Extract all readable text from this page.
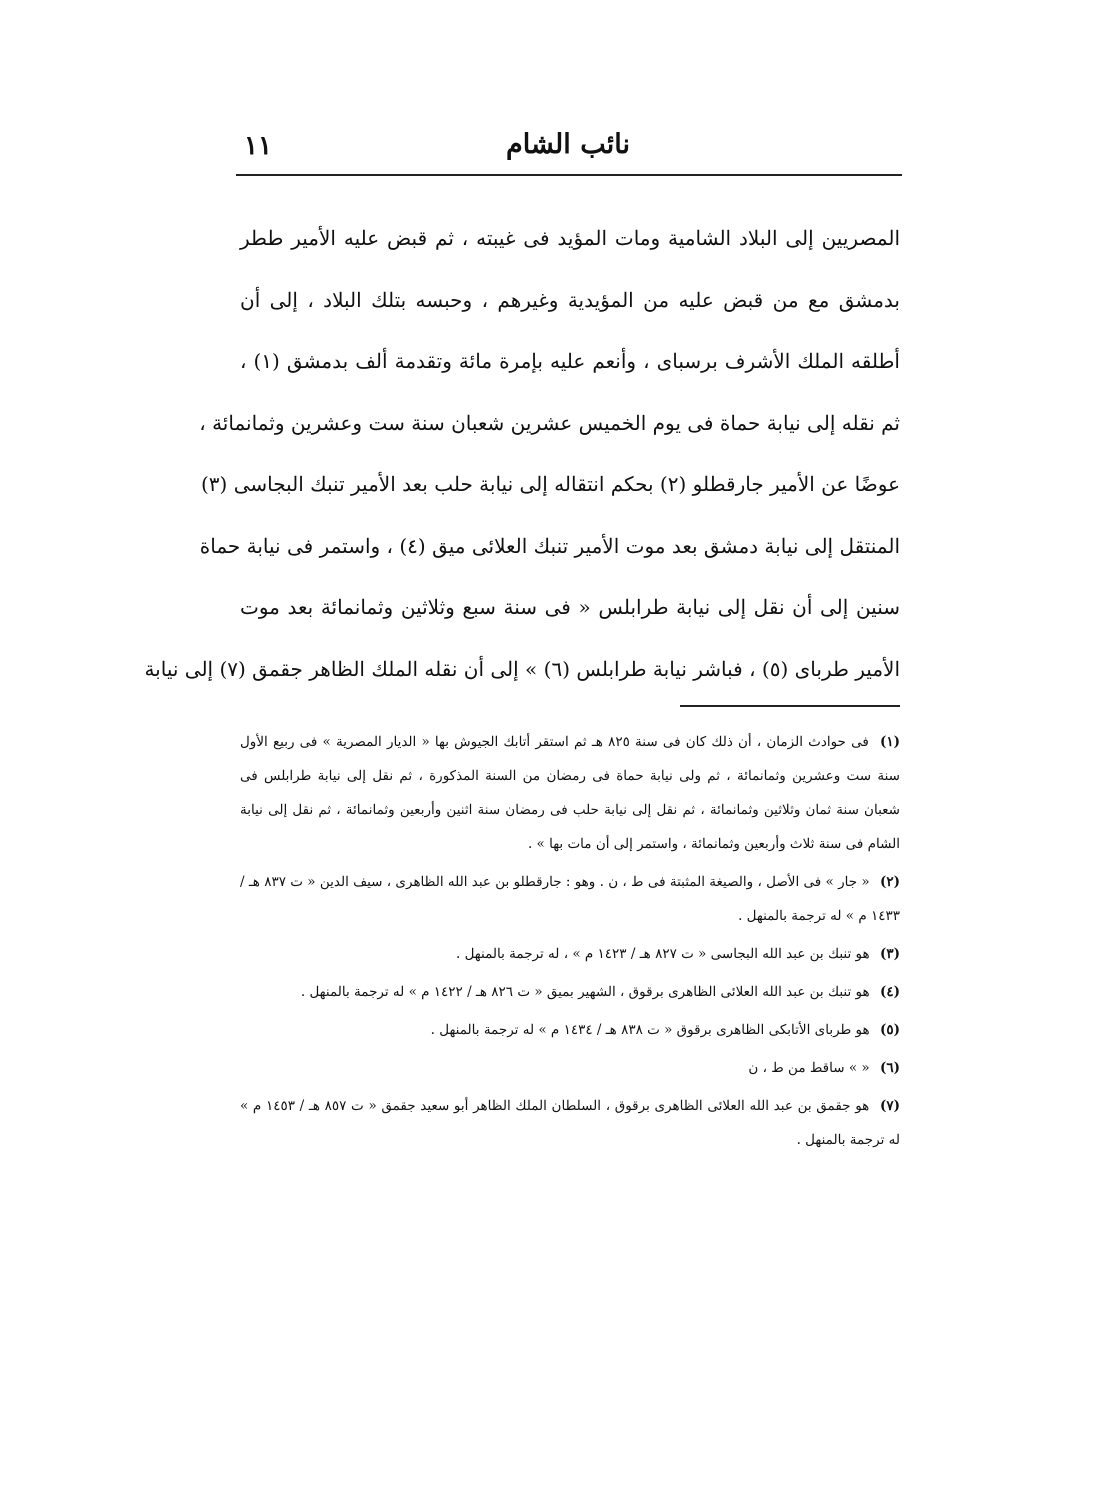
١١	نائب الشام
المصريين إلى البلاد الشامية ومات المؤيد فى غيبته ، ثم قبض عليه الأمير ططر
بدمشق مع من قبض عليه من المؤيدية وغيرهم ، وحبسه بتلك البلاد ، إلى أن
أطلقه الملك الأشرف برسباى ، وأنعم عليه بإمرة مائة وتقدمة ألف بدمشق (١) ،
ثم نقله إلى نيابة حماة فى يوم الخميس عشرين شعبان سنة ست وعشرين وثمانمائة ،
عوضًا عن الأمير جارقطلو (٢) بحكم انتقاله إلى نيابة حلب بعد الأمير تنبك البجاسى (٣)
المنتقل إلى نيابة دمشق بعد موت الأمير تنبك العلائى ميق (٤) ، واستمر فى نيابة حماة
سنين إلى أن نقل إلى نيابة طرابلس « فى سنة سبع وثلاثين وثمانمائة بعد موت
الأمير طرباى (٥) ، فباشر نيابة طرابلس (٦) » إلى أن نقله الملك الظاهر جقمق (٧) إلى نيابة
(١) فى حوادث الزمان ، أن ذلك كان فى سنة ٨٢٥ هـ ثم استقر أتابك الجيوش بها « الديار المصرية » فى ربيع الأول سنة ست وعشرين وثمانمائة ، ثم ولى نيابة حماة فى رمضان من السنة المذكورة ، ثم نقل إلى نيابة طرابلس فى شعبان سنة ثمان وثلاثين وثمانمائة ، ثم نقل إلى نيابة حلب فى رمضان سنة اثنين وأربعين وثمانمائة ، ثم نقل إلى نيابة الشام فى سنة ثلاث وأربعين وثمانمائة ، واستمر إلى أن مات بها » .
(٢) « جار » فى الأصل ، والصيغة المثبتة فى ط ، ن . وهو : جارقطلو بن عبد الله الظاهرى ، سيف الدين « ت ٨٣٧ هـ / ١٤٣٣ م » له ترجمة بالمنهل .
(٣) هو تنبك بن عبد الله البجاسى « ت ٨٢٧ هـ / ١٤٢٣ م » ، له ترجمة بالمنهل .
(٤) هو تنبك بن عبد الله العلائى الظاهرى برقوق ، الشهير بميق « ت ٨٢٦ هـ / ١٤٢٢ م » له ترجمة بالمنهل .
(٥) هو طرباى الأتابكى الظاهرى برقوق « ت ٨٣٨ هـ / ١٤٣٤ م » له ترجمة بالمنهل .
(٦) « » ساقط من ط ، ن
(٧) هو جقمق بن عبد الله العلائى الظاهرى برقوق ، السلطان الملك الظاهر أبو سعيد جقمق « ت ٨٥٧ هـ / ١٤٥٣ م » له ترجمة بالمنهل .
